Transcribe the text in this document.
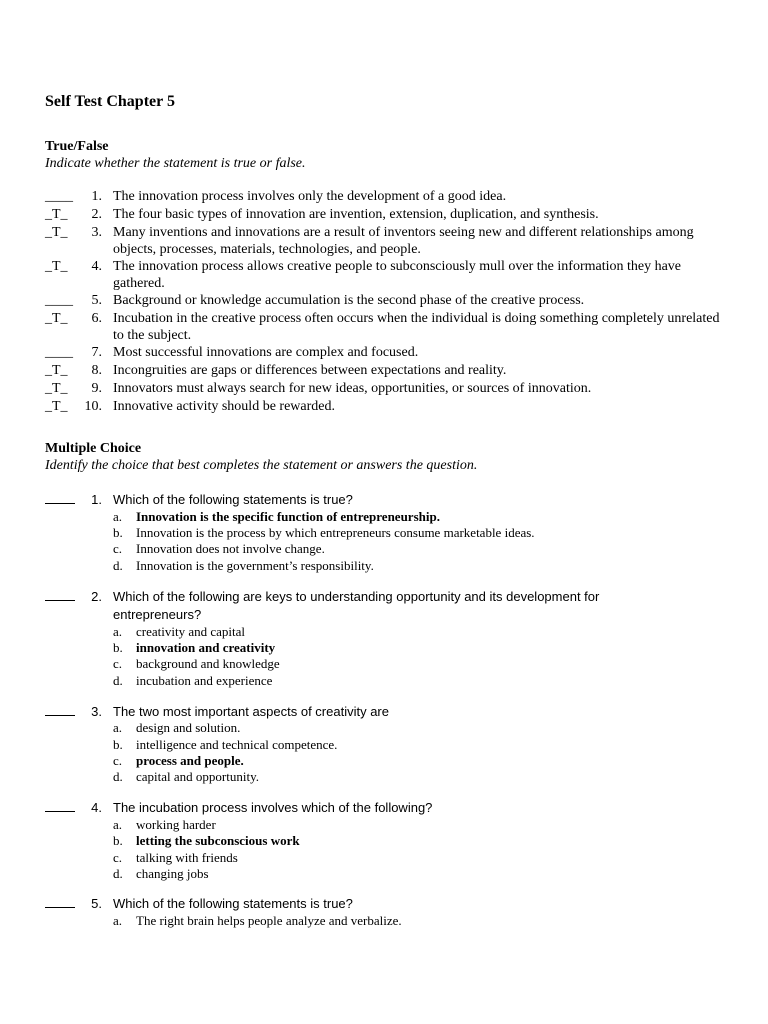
Self Test Chapter 5
True/False
Indicate whether the statement is true or false.
____	1. The innovation process involves only the development of a good idea.
_T_	2. The four basic types of innovation are invention, extension, duplication, and synthesis.
_T_	3. Many inventions and innovations are a result of inventors seeing new and different relationships among
objects, processes, materials, technologies, and people.
_T_	4. The innovation process allows creative people to subconsciously mull over the information they have
gathered.
____	5. Background or knowledge accumulation is the second phase of the creative process.
_T_	6. Incubation in the creative process often occurs when the individual is doing something completely unrelated
to the subject.
____	7. Most successful innovations are complex and focused.
_T_	8. Incongruities are gaps or differences between expectations and reality.
_T_	9. Innovators must always search for new ideas, opportunities, or sources of innovation.
_T_	10. Innovative activity should be rewarded.
Multiple Choice
Identify the choice that best completes the statement or answers the question.
1. Which of the following statements is true?
a. Innovation is the specific function of entrepreneurship.
b. Innovation is the process by which entrepreneurs consume marketable ideas.
c. Innovation does not involve change.
d. Innovation is the government’s responsibility.
2. Which of the following are keys to understanding opportunity and its development for
entrepreneurs?
a. creativity and capital
b. innovation and creativity
c. background and knowledge
d. incubation and experience
3. The two most important aspects of creativity are
a. design and solution.
b. intelligence and technical competence.
c. process and people.
d. capital and opportunity.
4. The incubation process involves which of the following?
a. working harder
b. letting the subconscious work
c. talking with friends
d. changing jobs
5. Which of the following statements is true?
a. The right brain helps people analyze and verbalize.
